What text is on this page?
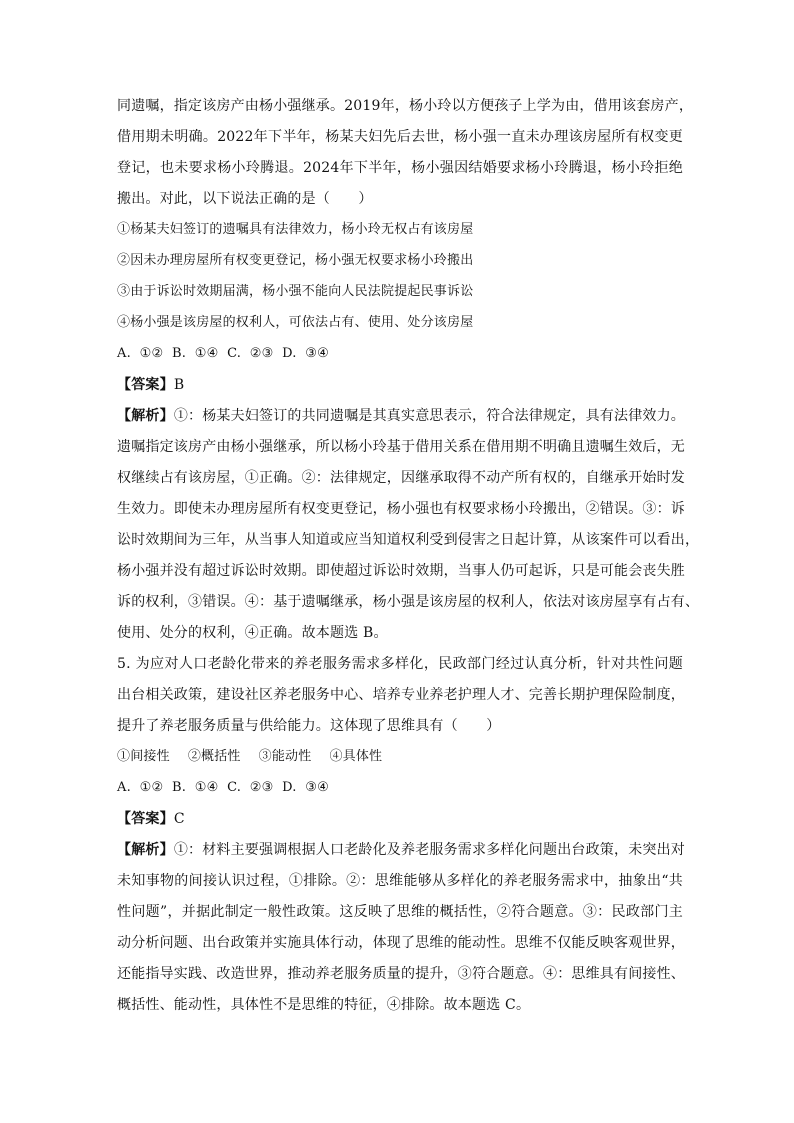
同遗嘱，指定该房产由杨小强继承。2019年，杨小玲以方便孩子上学为由，借用该套房产，
借用期未明确。2022年下半年，杨某夫妇先后去世，杨小强一直未办理该房屋所有权变更
登记，也未要求杨小玲腾退。2024年下半年，杨小强因结婚要求杨小玲腾退，杨小玲拒绝
搬出。对此，以下说法正确的是（　　）
①杨某夫妇签订的遗嘱具有法律效力，杨小玲无权占有该房屋
②因未办理房屋所有权变更登记，杨小强无权要求杨小玲搬出
③由于诉讼时效期届满，杨小强不能向人民法院提起民事诉讼
④杨小强是该房屋的权利人，可依法占有、使用、处分该房屋
A.  ①②  B.  ①④  C.  ②③  D.  ③④
【答案】B
【解析】①：杨某夫妇签订的共同遗嘱是其真实意思表示，符合法律规定，具有法律效力。
遗嘱指定该房产由杨小强继承，所以杨小玲基于借用关系在借用期不明确且遗嘱生效后，无
权继续占有该房屋，①正确。②：法律规定，因继承取得不动产所有权的，自继承开始时发
生效力。即使未办理房屋所有权变更登记，杨小强也有权要求杨小玲搬出，②错误。③：诉
讼时效期间为三年，从当事人知道或应当知道权利受到侵害之日起计算，从该案件可以看出，
杨小强并没有超过诉讼时效期。即使超过诉讼时效期，当事人仍可起诉，只是可能会丧失胜
诉的权利，③错误。④：基于遗嘱继承，杨小强是该房屋的权利人，依法对该房屋享有占有、
使用、处分的权利，④正确。故本题选 B。
5. 为应对人口老龄化带来的养老服务需求多样化，民政部门经过认真分析，针对共性问题
出台相关政策，建设社区养老服务中心、培养专业养老护理人才、完善长期护理保险制度，
提升了养老服务质量与供给能力。这体现了思维具有（　　）
①间接性 ②概括性 ③能动性 ④具体性
A.  ①②  B.  ①④  C.  ②③  D.  ③④
【答案】C
【解析】①：材料主要强调根据人口老龄化及养老服务需求多样化问题出台政策，未突出对
未知事物的间接认识过程，①排除。②：思维能够从多样化的养老服务需求中，抽象出“共
性问题”，并据此制定一般性政策。这反映了思维的概括性，②符合题意。③：民政部门主
动分析问题、出台政策并实施具体行动，体现了思维的能动性。思维不仅能反映客观世界，
还能指导实践、改造世界，推动养老服务质量的提升，③符合题意。④：思维具有间接性、
概括性、能动性，具体性不是思维的特征，④排除。故本题选 C。
